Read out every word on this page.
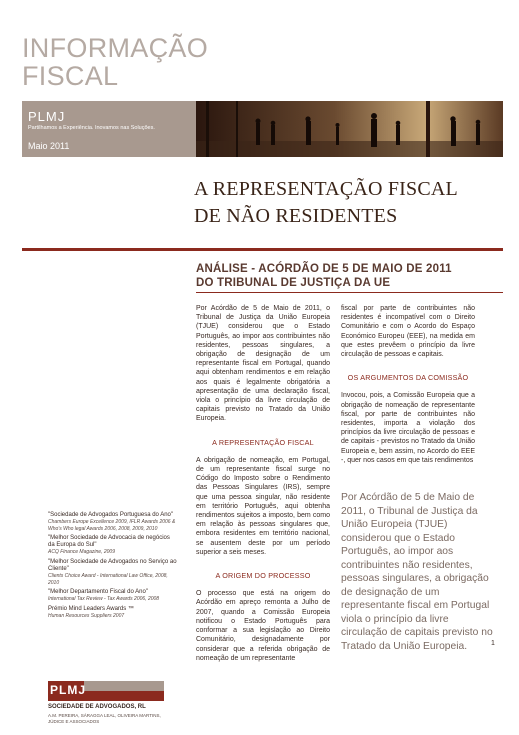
INFORMAÇÃO
FISCAL
PLMJ
Partilhamos a Experiência. Inovamos nas Soluções.
Maio 2011
A REPRESENTAÇÃO FISCAL
DE NÃO RESIDENTES
ANÁLISE - ACÓRDÃO DE 5 DE MAIO DE 2011
DO TRIBUNAL DE JUSTIÇA DA UE

Por Acórdão de 5 de Maio de 2011, o Tribunal de Justiça da União Europeia (TJUE) considerou que o Estado Português, ao impor aos contribuintes não residentes, pessoas singulares, a obrigação de designação de um representante fiscal em Portugal, quando aqui obtenham rendimentos e em relação aos quais é legalmente obrigatória a apresentação de uma declaração fiscal, viola o princípio da livre circulação de capitais previsto no Tratado da União Europeia.

A REPRESENTAÇÃO FISCAL

A obrigação de nomeação, em Portugal, de um representante fiscal surge no Código do Imposto sobre o Rendimento das Pessoas Singulares (IRS), sempre que uma pessoa singular, não residente em território Português, aqui obtenha rendimentos sujeitos a imposto, bem como em relação às pessoas singulares que, embora residentes em território nacional, se ausentem deste por um período superior a seis meses.

A ORIGEM DO PROCESSO

O processo que está na origem do Acórdão em apreço remonta a Julho de 2007, quando a Comissão Europeia notificou o Estado Português para conformar a sua legislação ao Direito Comunitário, designadamente por considerar que a referida obrigação de nomeação de um representante

fiscal por parte de contribuintes não residentes é incompatível com o Direito Comunitário e com o Acordo do Espaço Económico Europeu (EEE), na medida em que estes prevêem o princípio da livre circulação de pessoas e capitais.

OS ARGUMENTOS DA COMISSÃO

Invocou, pois, a Comissão Europeia que a obrigação de nomeação de representante fiscal, por parte de contribuintes não residentes, importa a violação dos princípios da livre circulação de pessoas e de capitais - previstos no Tratado da União Europeia e, bem assim, no Acordo do EEE -, quer nos casos em que tais rendimentos

Por Acórdão de 5 de Maio de 2011, o Tribunal de Justiça da União Europeia (TJUE) considerou que o Estado Português, ao impor aos contribuintes não residentes, pessoas singulares, a obrigação de designação de um representante fiscal em Portugal viola o princípio da livre circulação de capitais previsto no Tratado da União Europeia.
"Sociedade de Advogados Portuguesa do Ano"
Chambers Europe Excellence 2009, IFLR Awards 2006 & Who's Who legal Awards 2006, 2008, 2009, 2010
"Melhor Sociedade de Advocacia de negócios da Europa do Sul"
ACQ Finance Magazine, 2009
"Melhor Sociedade de Advogados no Serviço ao Cliente"
Clients Choice Award - International Law Office, 2008, 2010
"Melhor Departamento Fiscal do Ano"
International Tax Review - Tax Awards 2006, 2008
Prémio Mind Leaders Awards ™
Human Resources Suppliers 2007
PLMJ
SOCIEDADE DE ADVOGADOS, RL
A.M. PEREIRA, SÁRAGGA LEAL, OLIVEIRA MARTINS, JÚDICE E ASSOCIADOS
1
